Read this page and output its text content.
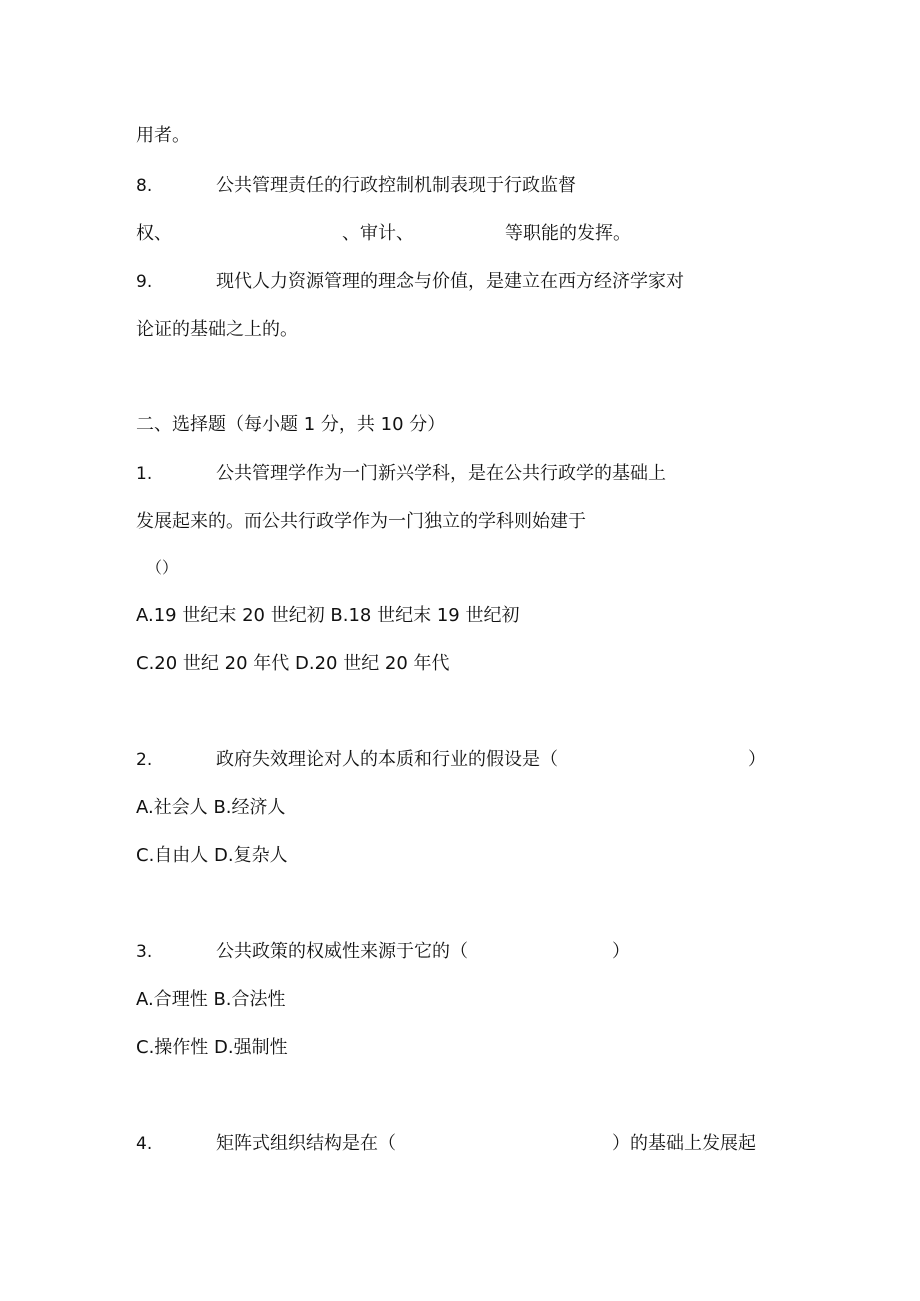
用者。
8.	公共管理责任的行政控制机制表现于行政监督
权、	、审计、	等职能的发挥。
9.	现代人力资源管理的理念与价值，是建立在西方经济学家对
论证的基础之上的。
二、选择题（每小题 1 分，共 10 分）
1.	公共管理学作为一门新兴学科，是在公共行政学的基础上
发展起来的。而公共行政学作为一门独立的学科则始建于
（）
A.19 世纪末 20 世纪初 B.18 世纪末 19 世纪初
C.20 世纪 20 年代 D.20 世纪 20 年代
2.	政府失效理论对人的本质和行业的假设是（	）
A.社会人 B.经济人
C.自由人 D.复杂人
3.	公共政策的权威性来源于它的（	）
A.合理性 B.合法性
C.操作性 D.强制性
4.	矩阵式组织结构是在（	）的基础上发展起
